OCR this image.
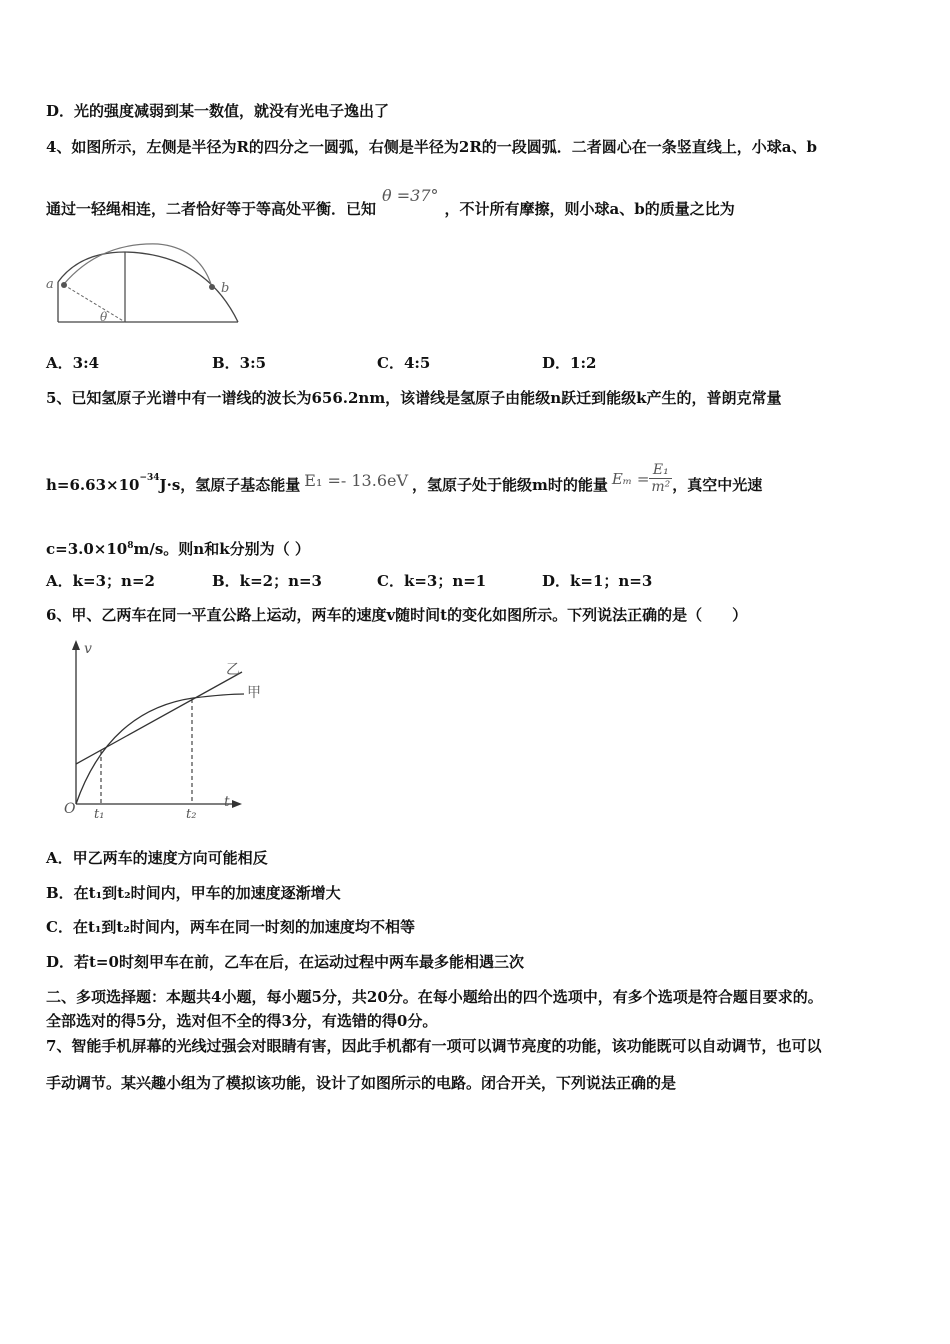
D．光的强度减弱到某一数值，就没有光电子逸出了
4、如图所示，左侧是半径为R的四分之一圆弧，右侧是半径为2R的一段圆弧．二者圆心在一条竖直线上，小球a、b
通过一轻绳相连，二者恰好等于等高处平衡．已知θ =37°，不计所有摩擦，则小球a、b的质量之比为
a	b
θ
A．3:4	B．3:5	C．4:5	D．1:2
5、已知氢原子光谱中有一谱线的波长为656.2nm，该谱线是氢原子由能级n跃迁到能级k产生的，普朗克常量
$h=6.63\times 10^{-34}J\cdot s$，氢原子基态能量 E₁ =- 13.6eV ，氢原子处于能级m时的能量 $E_m = \frac{\text{E₁}}{\text{m²}}$ ，真空中光速
$c=3.0\times 10^8m/s$。则n和k分别为（ ）
A．k=3；n=2	B．k=2；n=3	C．k=3；n=1	D．k=1；n=3
6、甲、乙两车在同一平直公路上运动，两车的速度v随时间t的变化如图所示。下列说法正确的是（　　）
v
t
O t₁	t₂
乙
甲
A．甲乙两车的速度方向可能相反
B．在t₁到t₂时间内，甲车的加速度逐渐增大
C．在t₁到t₂时间内，两车在同一时刻的加速度均不相等
D．若t=0时刻甲车在前，乙车在后，在运动过程中两车最多能相遇三次
二、多项选择题：本题共4小题，每小题5分，共20分。在每小题给出的四个选项中，有多个选项是符合题目要求的。
全部选对的得5分，选对但不全的得3分，有选错的得0分。
7、智能手机屏幕的光线过强会对眼睛有害，因此手机都有一项可以调节亮度的功能，该功能既可以自动调节，也可以
手动调节。某兴趣小组为了模拟该功能，设计了如图所示的电路。闭合开关，下列说法正确的是
